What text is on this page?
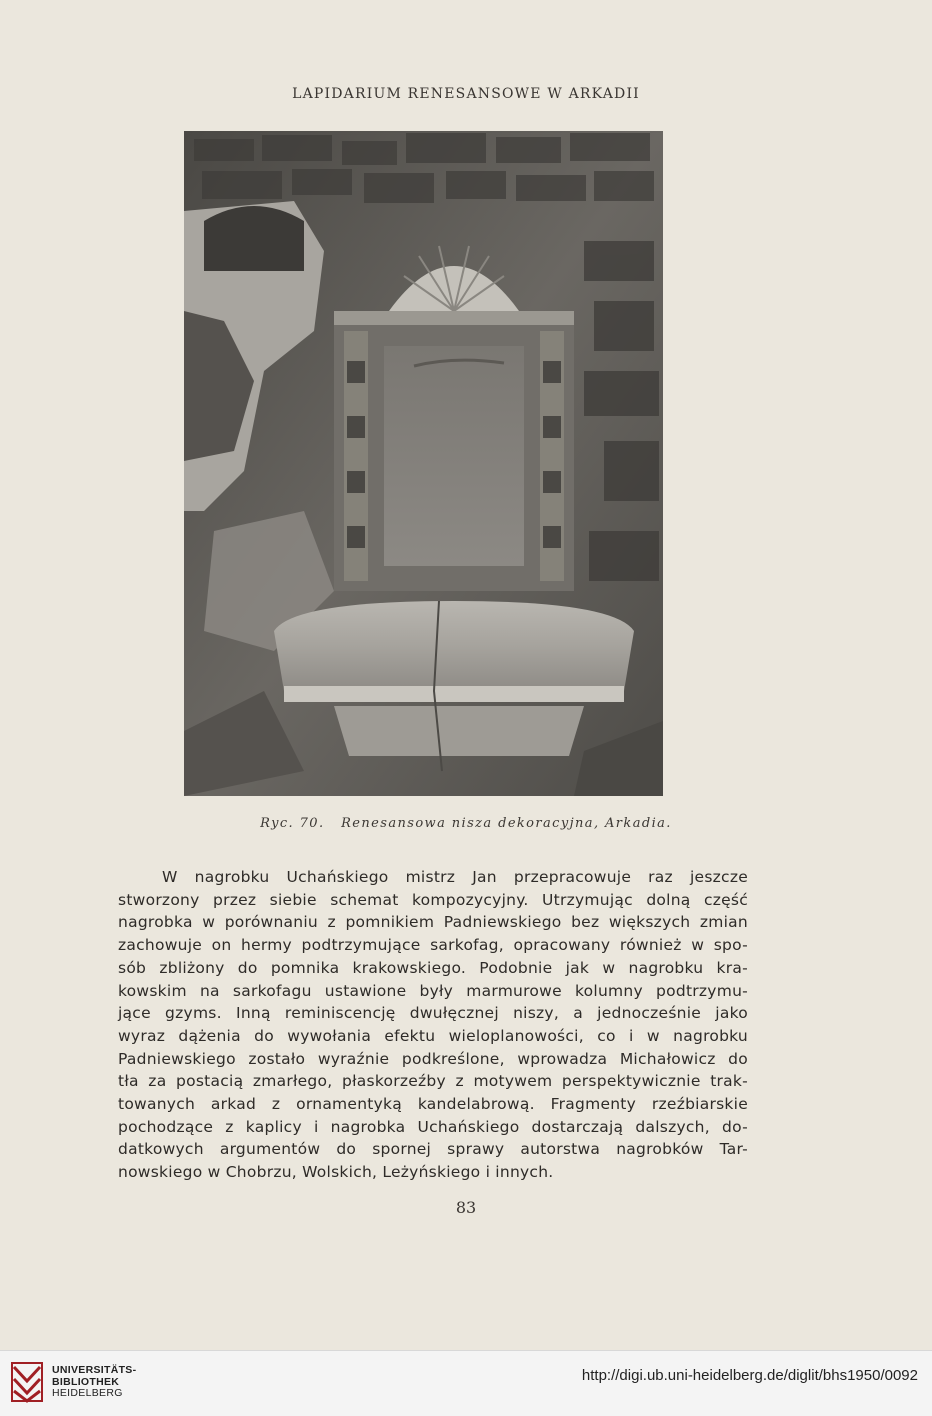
LAPIDARIUM RENESANSOWE W ARKADII
Ryc. 70. Renesansowa nisza dekoracyjna, Arkadia.
W nagrobku Uchańskiego mistrz Jan przepracowuje raz jeszcze
stworzony przez siebie schemat kompozycyjny. Utrzymując dolną część
nagrobka w porównaniu z pomnikiem Padniewskiego bez większych zmian
zachowuje on hermy podtrzymujące sarkofag, opracowany również w spo-
sób zbliżony do pomnika krakowskiego. Podobnie jak w nagrobku kra-
kowskim na sarkofagu ustawione były marmurowe kolumny podtrzymu-
jące gzyms. Inną reminiscencję dwułęcznej niszy, a jednocześnie jako
wyraz dążenia do wywołania efektu wieloplanowości, co i w nagrobku
Padniewskiego zostało wyraźnie podkreślone, wprowadza Michałowicz do
tła za postacią zmarłego, płaskorzeźby z motywem perspektywicznie trak-
towanych arkad z ornamentyką kandelabrową. Fragmenty rzeźbiarskie
pochodzące z kaplicy i nagrobka Uchańskiego dostarczają dalszych, do-
datkowych argumentów do spornej sprawy autorstwa nagrobków Tar-
nowskiego w Chobrzu, Wolskich, Leżyńskiego i innych.
83
UNIVERSITÄTS-
BIBLIOTHEK
HEIDELBERG
http://digi.ub.uni-heidelberg.de/diglit/bhs1950/0092
